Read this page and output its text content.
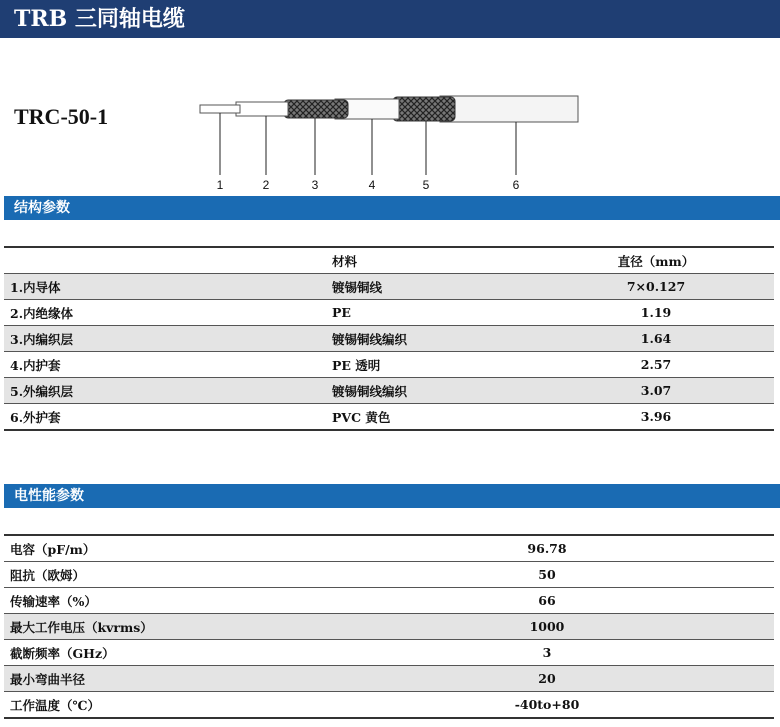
TRB 三同轴电缆
TRC-50-1
1	2	3	4	5	6
结构参数
	材料	直径（mm）
1.内导体	镀锡铜线	7×0.127
2.内绝缘体	PE	1.19
3.内编织层	镀锡铜线编织	1.64
4.内护套	PE 透明	2.57
5.外编织层	镀锡铜线编织	3.07
6.外护套	PVC 黄色	3.96
电性能参数
电容（pF/m）	96.78	
阻抗（欧姆）	50	
传输速率（%）	66	
最大工作电压（kvrms）	1000	
截断频率（GHz）	3	
最小弯曲半径	20	
工作温度（℃）	-40to+80	
